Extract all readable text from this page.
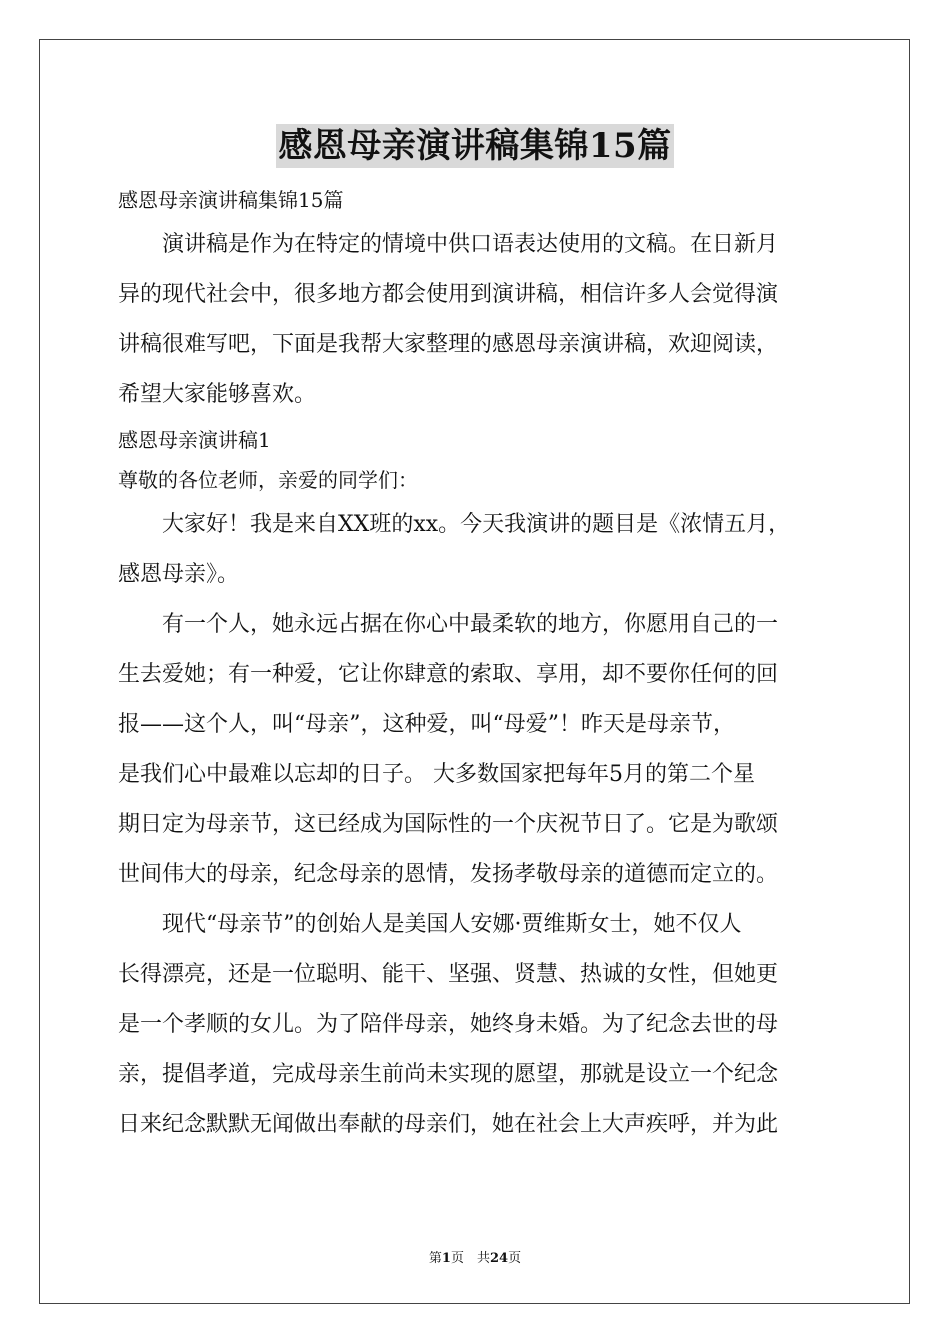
感恩母亲演讲稿集锦15篇

感恩母亲演讲稿集锦15篇

　　演讲稿是作为在特定的情境中供口语表达使用的文稿。在日新月

异的现代社会中，很多地方都会使用到演讲稿，相信许多人会觉得演

讲稿很难写吧，下面是我帮大家整理的感恩母亲演讲稿，欢迎阅读，

希望大家能够喜欢。

感恩母亲演讲稿1

尊敬的各位老师，亲爱的同学们：

　　大家好！我是来自XX班的xx。今天我演讲的题目是《浓情五月，

感恩母亲》。

　　有一个人，她永远占据在你心中最柔软的地方，你愿用自己的一

生去爱她；有一种爱，它让你肆意的索取、享用，却不要你任何的回

报——这个人，叫“母亲”，这种爱，叫“母爱”！昨天是母亲节，

是我们心中最难以忘却的日子。 大多数国家把每年5月的第二个星

期日定为母亲节，这已经成为国际性的一个庆祝节日了。它是为歌颂

世间伟大的母亲，纪念母亲的恩情，发扬孝敬母亲的道德而定立的。

　　现代“母亲节”的创始人是美国人安娜·贾维斯女士，她不仅人

长得漂亮，还是一位聪明、能干、坚强、贤慧、热诚的女性，但她更

是一个孝顺的女儿。为了陪伴母亲，她终身未婚。为了纪念去世的母

亲，提倡孝道，完成母亲生前尚未实现的愿望，那就是设立一个纪念

日来纪念默默无闻做出奉献的母亲们，她在社会上大声疾呼，并为此

第1页　共24页
